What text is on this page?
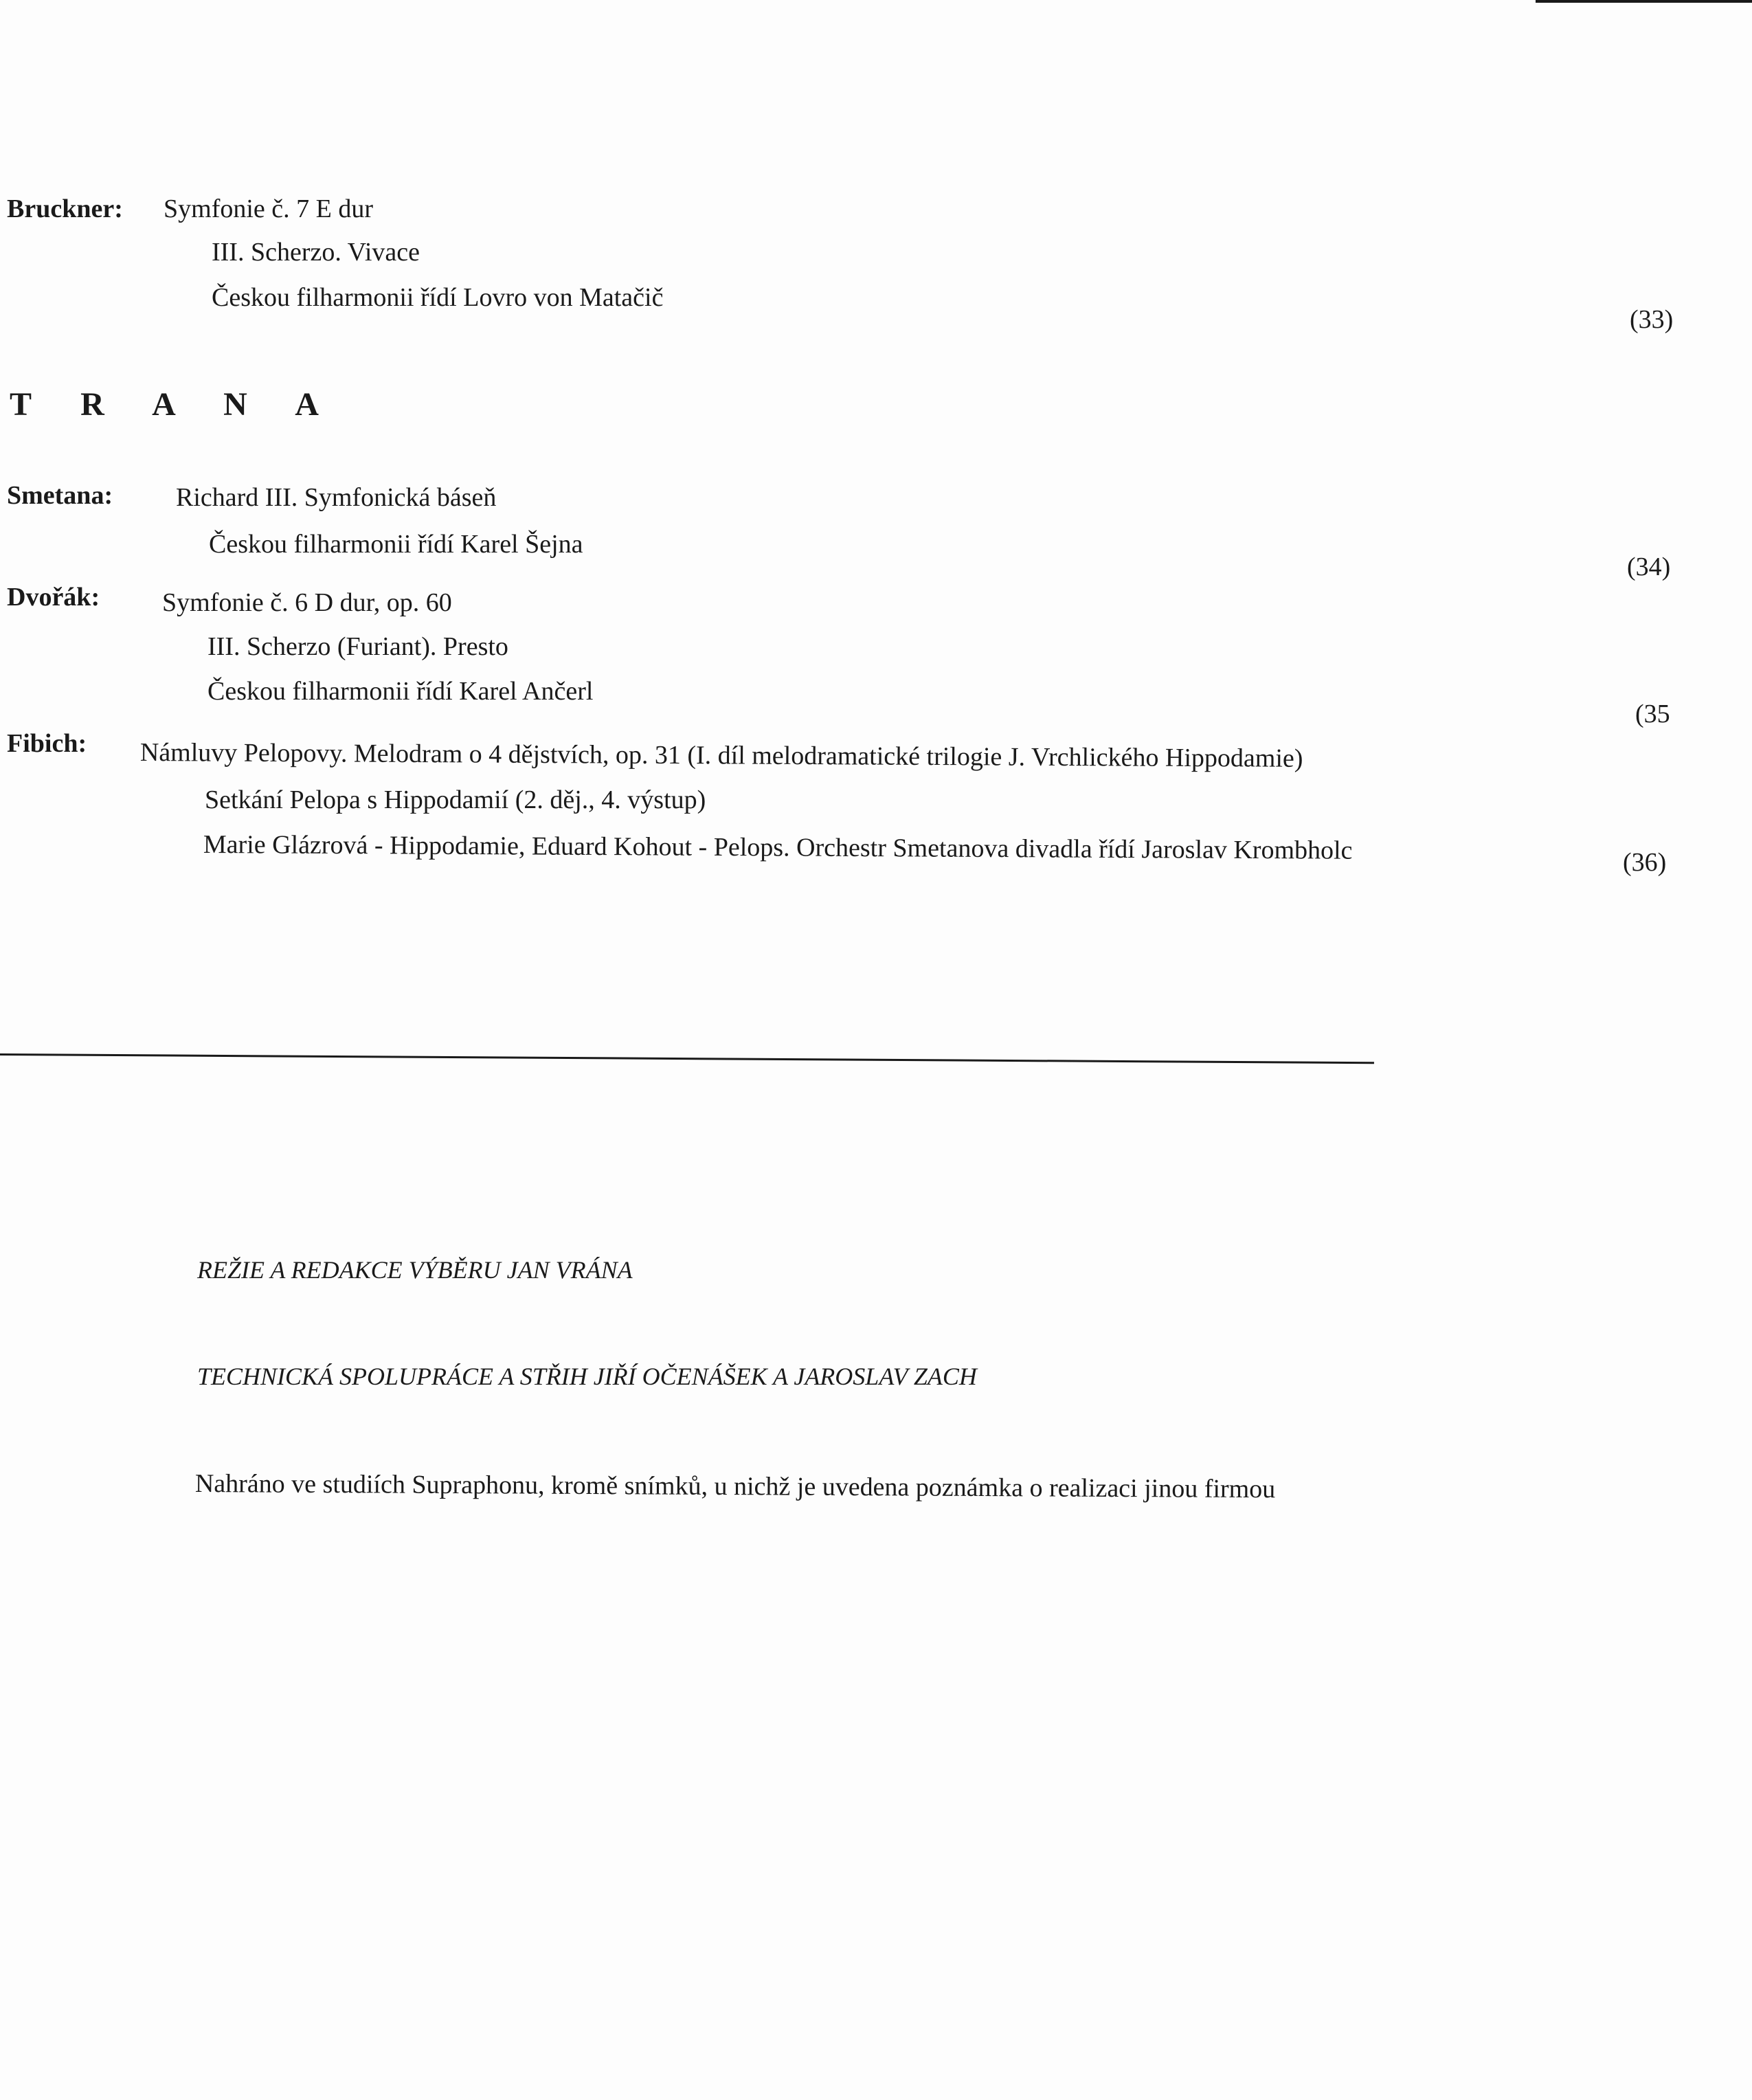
Bruckner: Symfonie č. 7 E dur
III. Scherzo. Vivace
Českou filharmonii řídí Lovro von Matačič
(33)
T R A N A
Smetana: Richard III. Symfonická báseň
Českou filharmonii řídí Karel Šejna
(34)
Dvořák: Symfonie č. 6 D dur, op. 60
III. Scherzo (Furiant). Presto
Českou filharmonii řídí Karel Ančerl
(35
Fibich: Námluvy Pelopovy. Melodram o 4 dějstvích, op. 31 (I. díl melodramatické trilogie J. Vrchlického Hippodamie)
Setkání Pelopa s Hippodamií (2. děj., 4. výstup)
Marie Glázrová - Hippodamie, Eduard Kohout - Pelops. Orchestr Smetanova divadla řídí Jaroslav Krombholc	(36)
REŽIE A REDAKCE VÝBĚRU JAN VRÁNA
TECHNICKÁ SPOLUPRÁCE A STŘIH JIŘÍ OČENÁŠEK A JAROSLAV ZACH
Nahráno ve studiích Supraphonu, kromě snímků, u nichž je uvedena poznámka o realizaci jinou firmou
